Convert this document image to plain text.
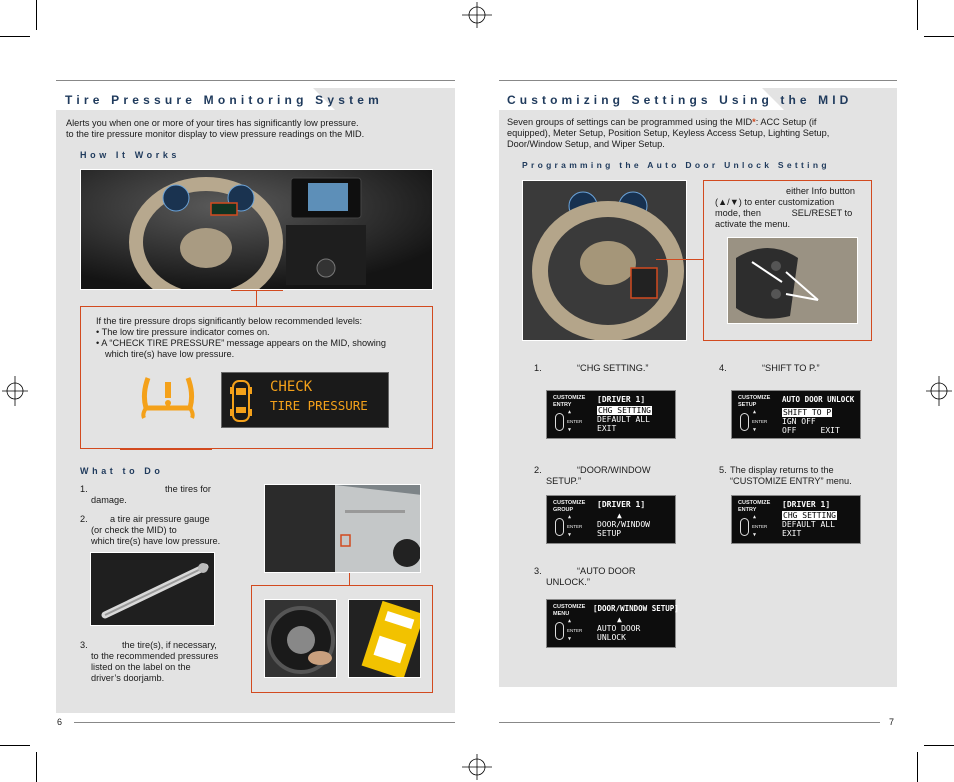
Tire Pressure Monitoring System
Alerts you when one or more of your tires has significantly low pressure.
to the tire pressure monitor display to view pressure readings on the MID.
How It Works
If the tire pressure drops significantly below recommended levels:
• The low tire pressure indicator comes on.
• A “CHECK TIRE PRESSURE” message appears on the MID, showing
which tire(s) have low pressure.
CHECK
TIRE PRESSURE
What to Do
1.	the tires for
damage.
2. a tire air pressure gauge
(or check the MID) to
which tire(s) have low pressure.
3.	the tire(s), if necessary,
to the recommended pressures
listed on the label on the
driver’s doorjamb.
6	7
Customizing Settings Using the MID
Seven groups of settings can be programmed using the MID*: ACC Setup (if
equipped), Meter Setup, Position Setup, Keyless Access Setup, Lighting Setup,
Door/Window Setup, and Wiper Setup.
Programming the Auto Door Unlock Setting
either Info button
(▲/▼) to enter customization
mode, then            SEL/RESET to
activate the menu.
1.	“CHG SETTING.”	4.	“SHIFT TO P.”
2.	“DOOR/WINDOW
SETUP.”
5. The display returns to the
“CUSTOMIZE ENTRY” menu.
3.	“AUTO DOOR
UNLOCK.”
CUSTOMIZE ENTRY
▲
ENTER
▼
[DRIVER 1]
CHG SETTING
DEFAULT ALL
EXIT
CUSTOMIZE GROUP
▲
ENTER
▼
[DRIVER 1]
▲
DOOR/WINDOW
SETUP
CUSTOMIZE MENU
▲
ENTER
▼
[DOOR/WINDOW SETUP]
▲
AUTO DOOR
UNLOCK
CUSTOMIZE SETUP
▲
ENTER
▼
AUTO DOOR UNLOCK
SHIFT TO P
IGN OFF
OFF     EXIT
CUSTOMIZE ENTRY
▲
ENTER
▼
[DRIVER 1]
CHG SETTING
DEFAULT ALL
EXIT
